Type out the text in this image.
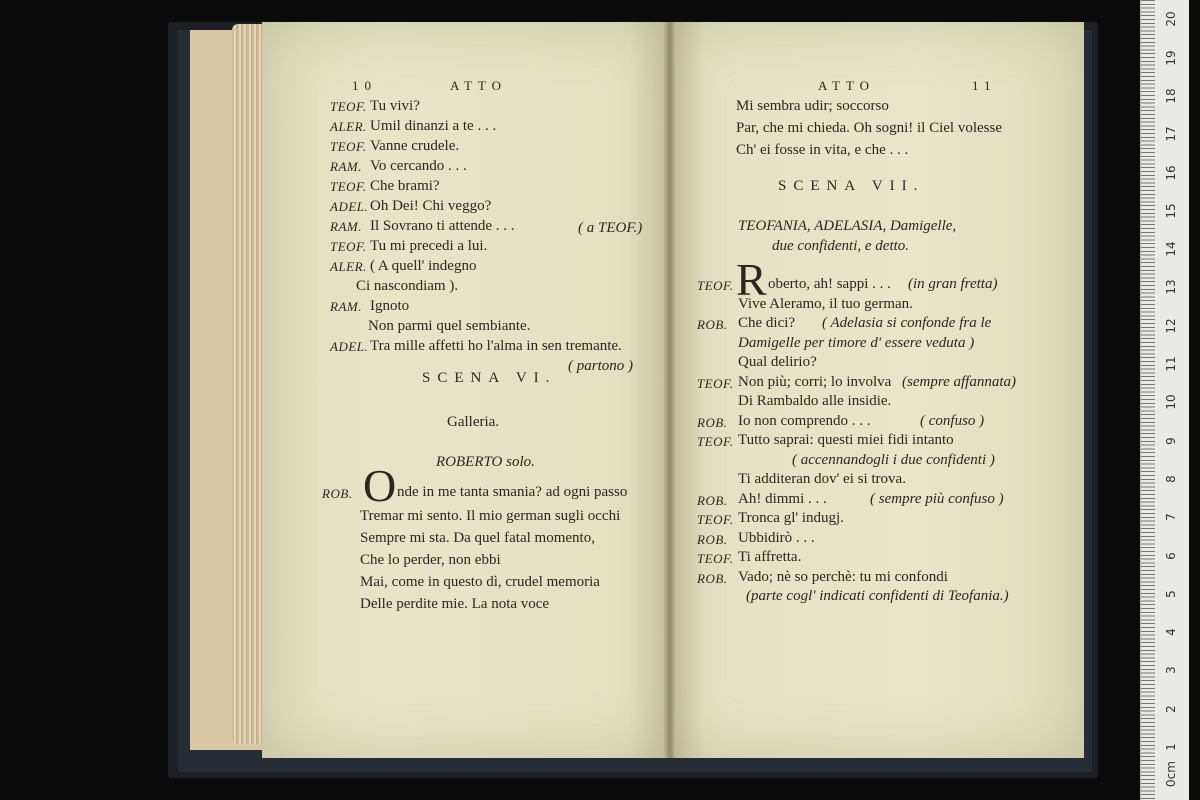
10	ATTO
TEOF. Tu vivi?
ALER. Umil dinanzi a te . . .
TEOF. Vanne crudele.
RAM. Vo cercando . . .
TEOF. Che brami?
ADEL. Oh Dei! Chi veggo?
RAM. Il Sovrano ti attende . . .
TEOF. Tu mi precedi a lui.
ALER. ( A quell' indegno
Ci nascondiam ).
RAM. Ignoto
Non parmi quel sembiante.
ADEL. Tra mille affetti ho l'alma in sen tremante.
( a TEOF.)
( partono )
SCENA VI.
Galleria.
ROBERTO solo.
ROB. O nde in me tanta smania? ad ogni passo
Tremar mi sento. Il mio german sugli occhi
Sempre mi sta. Da quel fatal momento,
Che lo perder, non ebbi
Mai, come in questo dì, crudel memoria
Delle perdite mie. La nota voce
ATTO	11
Mi sembra udir; soccorso
Par, che mi chieda. Oh sogni! il Ciel volesse
Ch' ei fosse in vita, e che . . .
SCENA VII.
TEOFANIA, ADELASIA, Damigelle,
due confidenti, e detto.
TEOF. R oberto, ah! sappi . . . (in gran fretta)
Vive Aleramo, il tuo german.
ROB. Che dici? ( Adelasia si confonde fra le
Damigelle per timore d' essere veduta )
Qual delirio?
TEOF. Non più; corri; lo involva (sempre affannata)
Di Rambaldo alle insidie.
ROB. Io non comprendo . . .	( confuso )
TEOF. Tutto saprai: questi miei fidi intanto
( accennandogli i due confidenti )
Ti additeran dov' ei si trova.
ROB. Ah! dimmi . . .	( sempre più confuso )
TEOF. Tronca gl' indugj.
ROB. Ubbidirò . . .
TEOF. Ti affretta.
ROB. Vado; nè so perchè: tu mi confondi
(parte cogl' indicati confidenti di Teofania.)
1
2
3
4
5
6
7
8
9
10
11
12
13
14
15
16
17
18
19
20
0cm
